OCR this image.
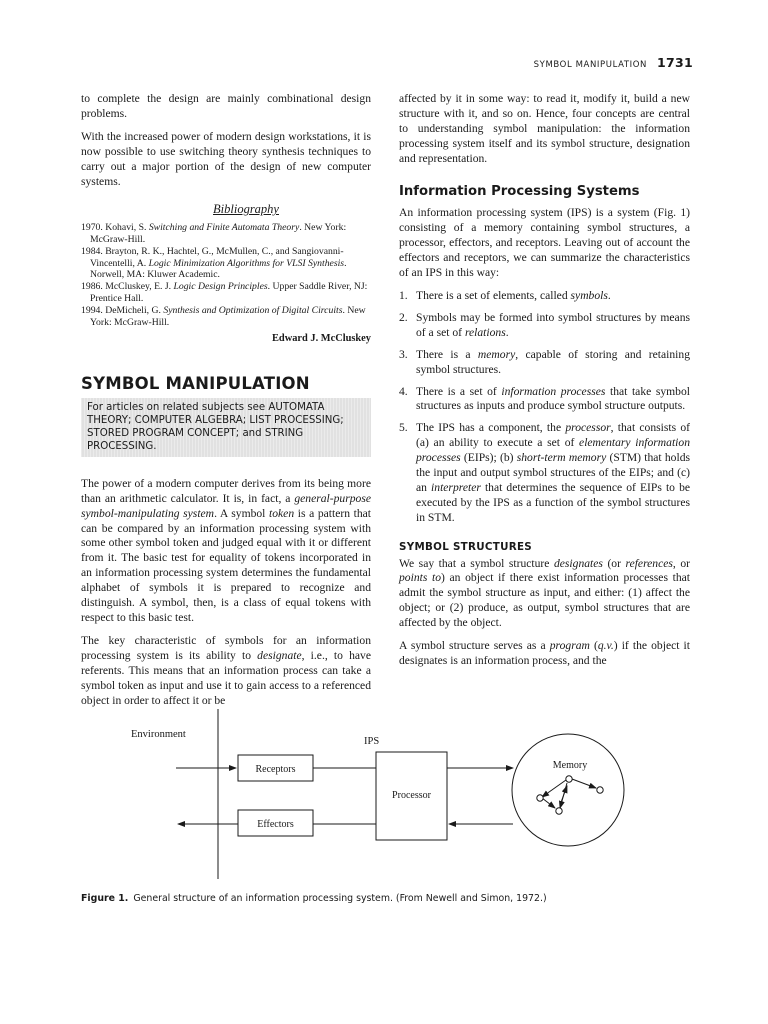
SYMBOL MANIPULATION 1731

to complete the design are mainly combinational design problems.

With the increased power of modern design workstations, it is now possible to use switching theory synthesis techniques to carry out a major portion of the design of new computer systems.

Bibliography
1970. Kohavi, S. Switching and Finite Automata Theory. New York: McGraw-Hill.
1984. Brayton, R. K., Hachtel, G., McMullen, C., and Sangiovanni-Vincentelli, A. Logic Minimization Algorithms for VLSI Synthesis. Norwell, MA: Kluwer Academic.
1986. McCluskey, E. J. Logic Design Principles. Upper Saddle River, NJ: Prentice Hall.
1994. DeMicheli, G. Synthesis and Optimization of Digital Circuits. New York: McGraw-Hill.
Edward J. McCluskey
SYMBOL MANIPULATION
For articles on related subjects see AUTOMATA THEORY; COMPUTER ALGEBRA; LIST PROCESSING; STORED PROGRAM CONCEPT; and STRING PROCESSING.

The power of a modern computer derives from its being more than an arithmetic calculator. It is, in fact, a general-purpose symbol-manipulating system. A symbol token is a pattern that can be compared by an information processing system with some other symbol token and judged equal with it or different from it. The basic test for equality of tokens incorporated in an information processing system determines the fundamental alphabet of symbols it is prepared to recognize and distinguish. A symbol, then, is a class of equal tokens with respect to this basic test.

The key characteristic of symbols for an information processing system is its ability to designate, i.e., to have referents. This means that an information process can take a symbol token as input and use it to gain access to a referenced object in order to affect it or be

affected by it in some way: to read it, modify it, build a new structure with it, and so on. Hence, four concepts are central to understanding symbol manipulation: the information processing system itself and its symbol structure, designation and representation.

Information Processing Systems

An information processing system (IPS) is a system (Fig. 1) consisting of a memory containing symbol structures, a processor, effectors, and receptors. Leaving out of account the effectors and receptors, we can summarize the characteristics of an IPS in this way:

1. There is a set of elements, called symbols.
2. Symbols may be formed into symbol structures by means of a set of relations.
3. There is a memory, capable of storing and retaining symbol structures.
4. There is a set of information processes that take symbol structures as inputs and produce symbol structure outputs.
5. The IPS has a component, the processor, that consists of (a) an ability to execute a set of elementary information processes (EIPs); (b) short-term memory (STM) that holds the input and output symbol structures of the EIPs; and (c) an interpreter that determines the sequence of EIPs to be executed by the IPS as a function of the symbol structures in STM.
SYMBOL STRUCTURES

We say that a symbol structure designates (or references, or points to) an object if there exist information processes that admit the symbol structure as input, and either: (1) affect the object; or (2) produce, as output, symbol structures that are affected by the object.

A symbol structure serves as a program (q.v.) if the object it designates is an information process, and the

Environment
IPS
Receptors
Processor
Effectors
Memory
Figure 1. General structure of an information processing system. (From Newell and Simon, 1972.)
